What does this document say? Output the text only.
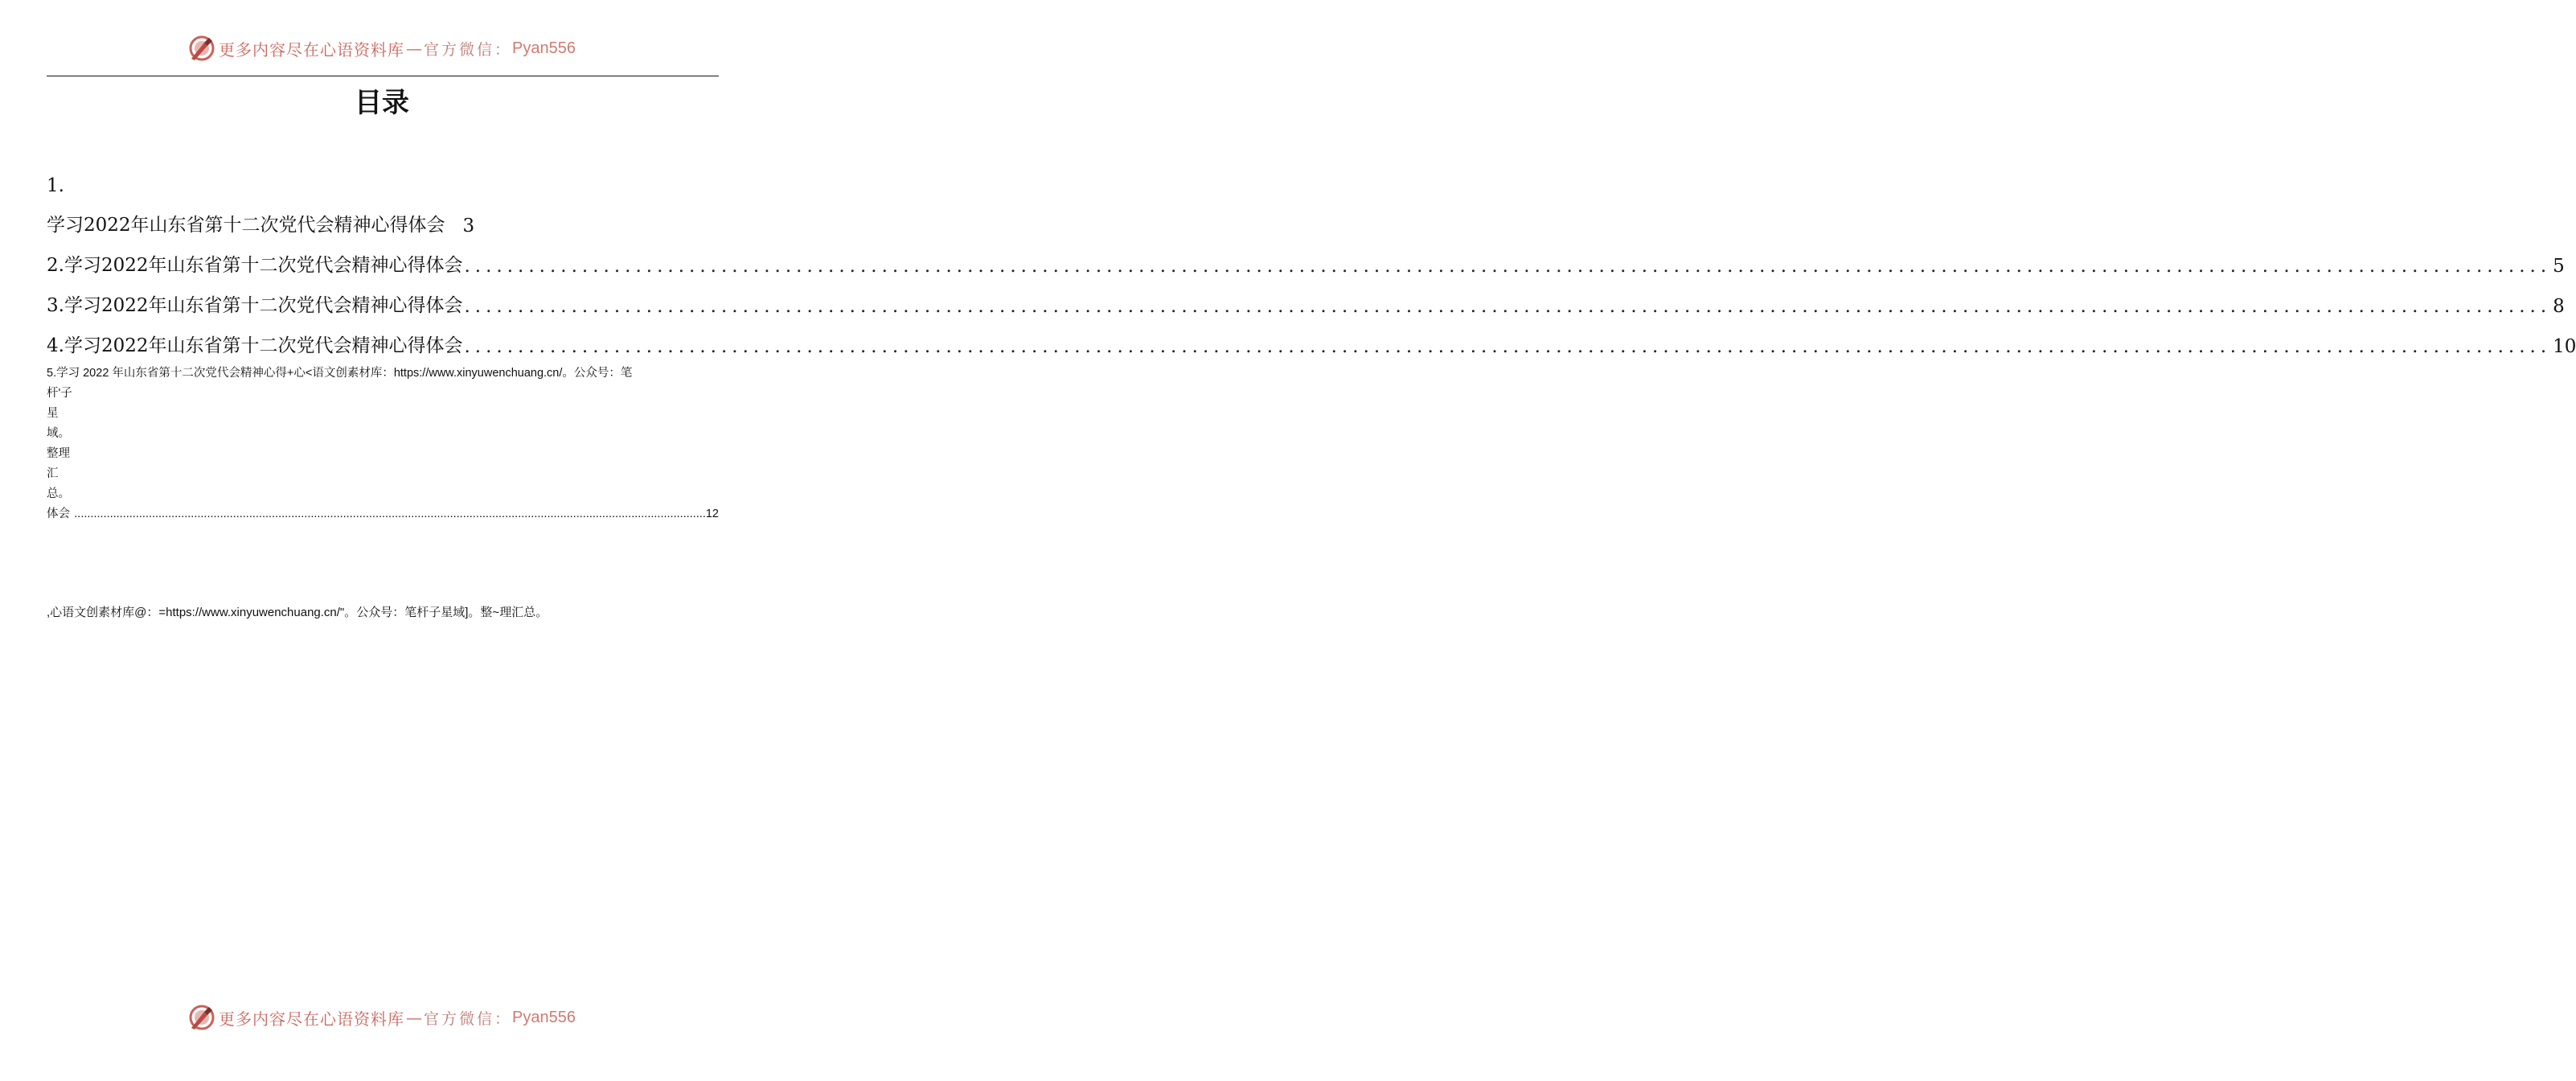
更多内容尽在心语资料库 — 官方微信： Pyan556
目录
1.
学习2022年山东省第十二次党代会精神心得体会 3
2.学习2022年山东省第十二次党代会精神心得体会 ................................................................................................................................................................................................... 5
3.学习2022年山东省第十二次党代会精神心得体会 ................................................................................................................................................................................................... 8
4.学习2022年山东省第十二次党代会精神心得体会 ................................................................................................................................................................................................... 10
5.学习 2022 年山东省第十二次党代会精神心得+心<语文创素材库：https://www.xinyuwenchuang.cn/。公众号：笔
杆'子星域。整理汇总。体会 ................................................................................................................................................................................................... 12
,心语文创素材库@：=https://www.xinyuwenchuang.cn/"。公众号：笔杆子星域]。整~理汇总。
更多内容尽在心语资料库 — 官方微信： Pyan556
